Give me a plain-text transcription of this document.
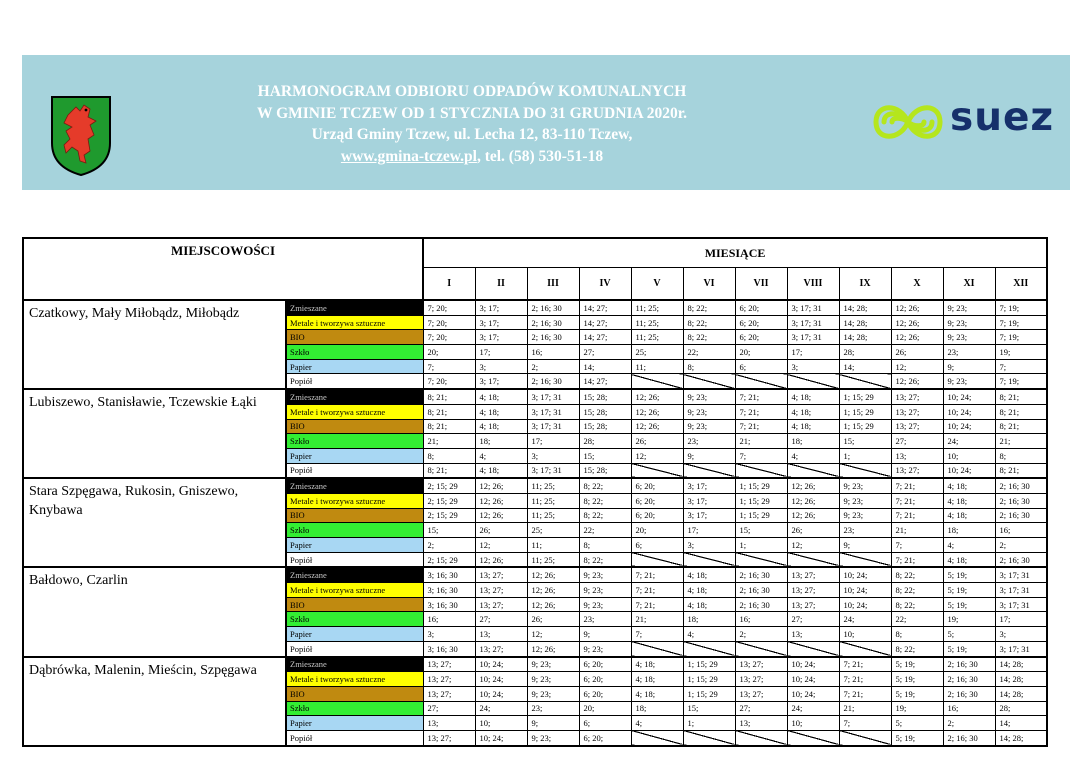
HARMONOGRAM ODBIORU ODPADÓW KOMUNALNYCH
W GMINIE TCZEW OD 1 STYCZNIA DO 31 GRUDNIA 2020r.
Urząd Gminy Tczew, ul. Lecha 12, 83-110 Tczew,
www.gmina-tczew.pl, tel. (58) 530-51-18
suez
MIEJSCOWOŚCI		MIESIĄCE											
		I	II	III	IV	V	VI	VII	VIII	IX	X	XI	XII
Czatkowy, Mały Miłobądz, Miłobądz	Zmieszane	7; 20;	3; 17;	2; 16; 30	14; 27;	11; 25;	8; 22;	6; 20;	3; 17; 31	14; 28;	12; 26;	9; 23;	7; 19;
	Metale i tworzywa sztuczne	7; 20;	3; 17;	2; 16; 30	14; 27;	11; 25;	8; 22;	6; 20;	3; 17; 31	14; 28;	12; 26;	9; 23;	7; 19;
	BIO	7; 20;	3; 17;	2; 16; 30	14; 27;	11; 25;	8; 22;	6; 20;	3; 17; 31	14; 28;	12; 26;	9; 23;	7; 19;
	Szkło	20;	17;	16;	27;	25;	22;	20;	17;	28;	26;	23;	19;
	Papier	7;	3;	2;	14;	11;	8;	6;	3;	14;	12;	9;	7;
	Popiół	7; 20;	3; 17;	2; 16; 30	14; 27;						12; 26;	9; 23;	7; 19;
Lubiszewo, Stanisławie, Tczewskie Łąki	Zmieszane	8; 21;	4; 18;	3; 17; 31	15; 28;	12; 26;	9; 23;	7; 21;	4; 18;	1; 15; 29	13; 27;	10; 24;	8; 21;
	Metale i tworzywa sztuczne	8; 21;	4; 18;	3; 17; 31	15; 28;	12; 26;	9; 23;	7; 21;	4; 18;	1; 15; 29	13; 27;	10; 24;	8; 21;
	BIO	8; 21;	4; 18;	3; 17; 31	15; 28;	12; 26;	9; 23;	7; 21;	4; 18;	1; 15; 29	13; 27;	10; 24;	8; 21;
	Szkło	21;	18;	17;	28;	26;	23;	21;	18;	15;	27;	24;	21;
	Papier	8;	4;	3;	15;	12;	9;	7;	4;	1;	13;	10;	8;
	Popiół	8; 21;	4; 18;	3; 17; 31	15; 28;						13; 27;	10; 24;	8; 21;
Stara Szpęgawa, Rukosin, Gniszewo, Knybawa	Zmieszane	2; 15; 29	12; 26;	11; 25;	8; 22;	6; 20;	3; 17;	1; 15; 29	12; 26;	9; 23;	7; 21;	4; 18;	2; 16; 30
	Metale i tworzywa sztuczne	2; 15; 29	12; 26;	11; 25;	8; 22;	6; 20;	3; 17;	1; 15; 29	12; 26;	9; 23;	7; 21;	4; 18;	2; 16; 30
	BIO	2; 15; 29	12; 26;	11; 25;	8; 22;	6; 20;	3; 17;	1; 15; 29	12; 26;	9; 23;	7; 21;	4; 18;	2; 16; 30
	Szkło	15;	26;	25;	22;	20;	17;	15;	26;	23;	21;	18;	16;
	Papier	2;	12;	11;	8;	6;	3;	1;	12;	9;	7;	4;	2;
	Popiół	2; 15; 29	12; 26;	11; 25;	8; 22;						7; 21;	4; 18;	2; 16; 30
Bałdowo, Czarlin	Zmieszane	3; 16; 30	13; 27;	12; 26;	9; 23;	7; 21;	4; 18;	2; 16; 30	13; 27;	10; 24;	8; 22;	5; 19;	3; 17; 31
	Metale i tworzywa sztuczne	3; 16; 30	13; 27;	12; 26;	9; 23;	7; 21;	4; 18;	2; 16; 30	13; 27;	10; 24;	8; 22;	5; 19;	3; 17; 31
	BIO	3; 16; 30	13; 27;	12; 26;	9; 23;	7; 21;	4; 18;	2; 16; 30	13; 27;	10; 24;	8; 22;	5; 19;	3; 17; 31
	Szkło	16;	27;	26;	23;	21;	18;	16;	27;	24;	22;	19;	17;
	Papier	3;	13;	12;	9;	7;	4;	2;	13;	10;	8;	5;	3;
	Popiół	3; 16; 30	13; 27;	12; 26;	9; 23;						8; 22;	5; 19;	3; 17; 31
Dąbrówka, Malenin, Mieścin, Szpęgawa	Zmieszane	13; 27;	10; 24;	9; 23;	6; 20;	4; 18;	1; 15; 29	13; 27;	10; 24;	7; 21;	5; 19;	2; 16; 30	14; 28;
	Metale i tworzywa sztuczne	13; 27;	10; 24;	9; 23;	6; 20;	4; 18;	1; 15; 29	13; 27;	10; 24;	7; 21;	5; 19;	2; 16; 30	14; 28;
	BIO	13; 27;	10; 24;	9; 23;	6; 20;	4; 18;	1; 15; 29	13; 27;	10; 24;	7; 21;	5; 19;	2; 16; 30	14; 28;
	Szkło	27;	24;	23;	20;	18;	15;	27;	24;	21;	19;	16;	28;
	Papier	13;	10;	9;	6;	4;	1;	13;	10;	7;	5;	2;	14;
	Popiół	13; 27;	10; 24;	9; 23;	6; 20;						5; 19;	2; 16; 30	14; 28;
